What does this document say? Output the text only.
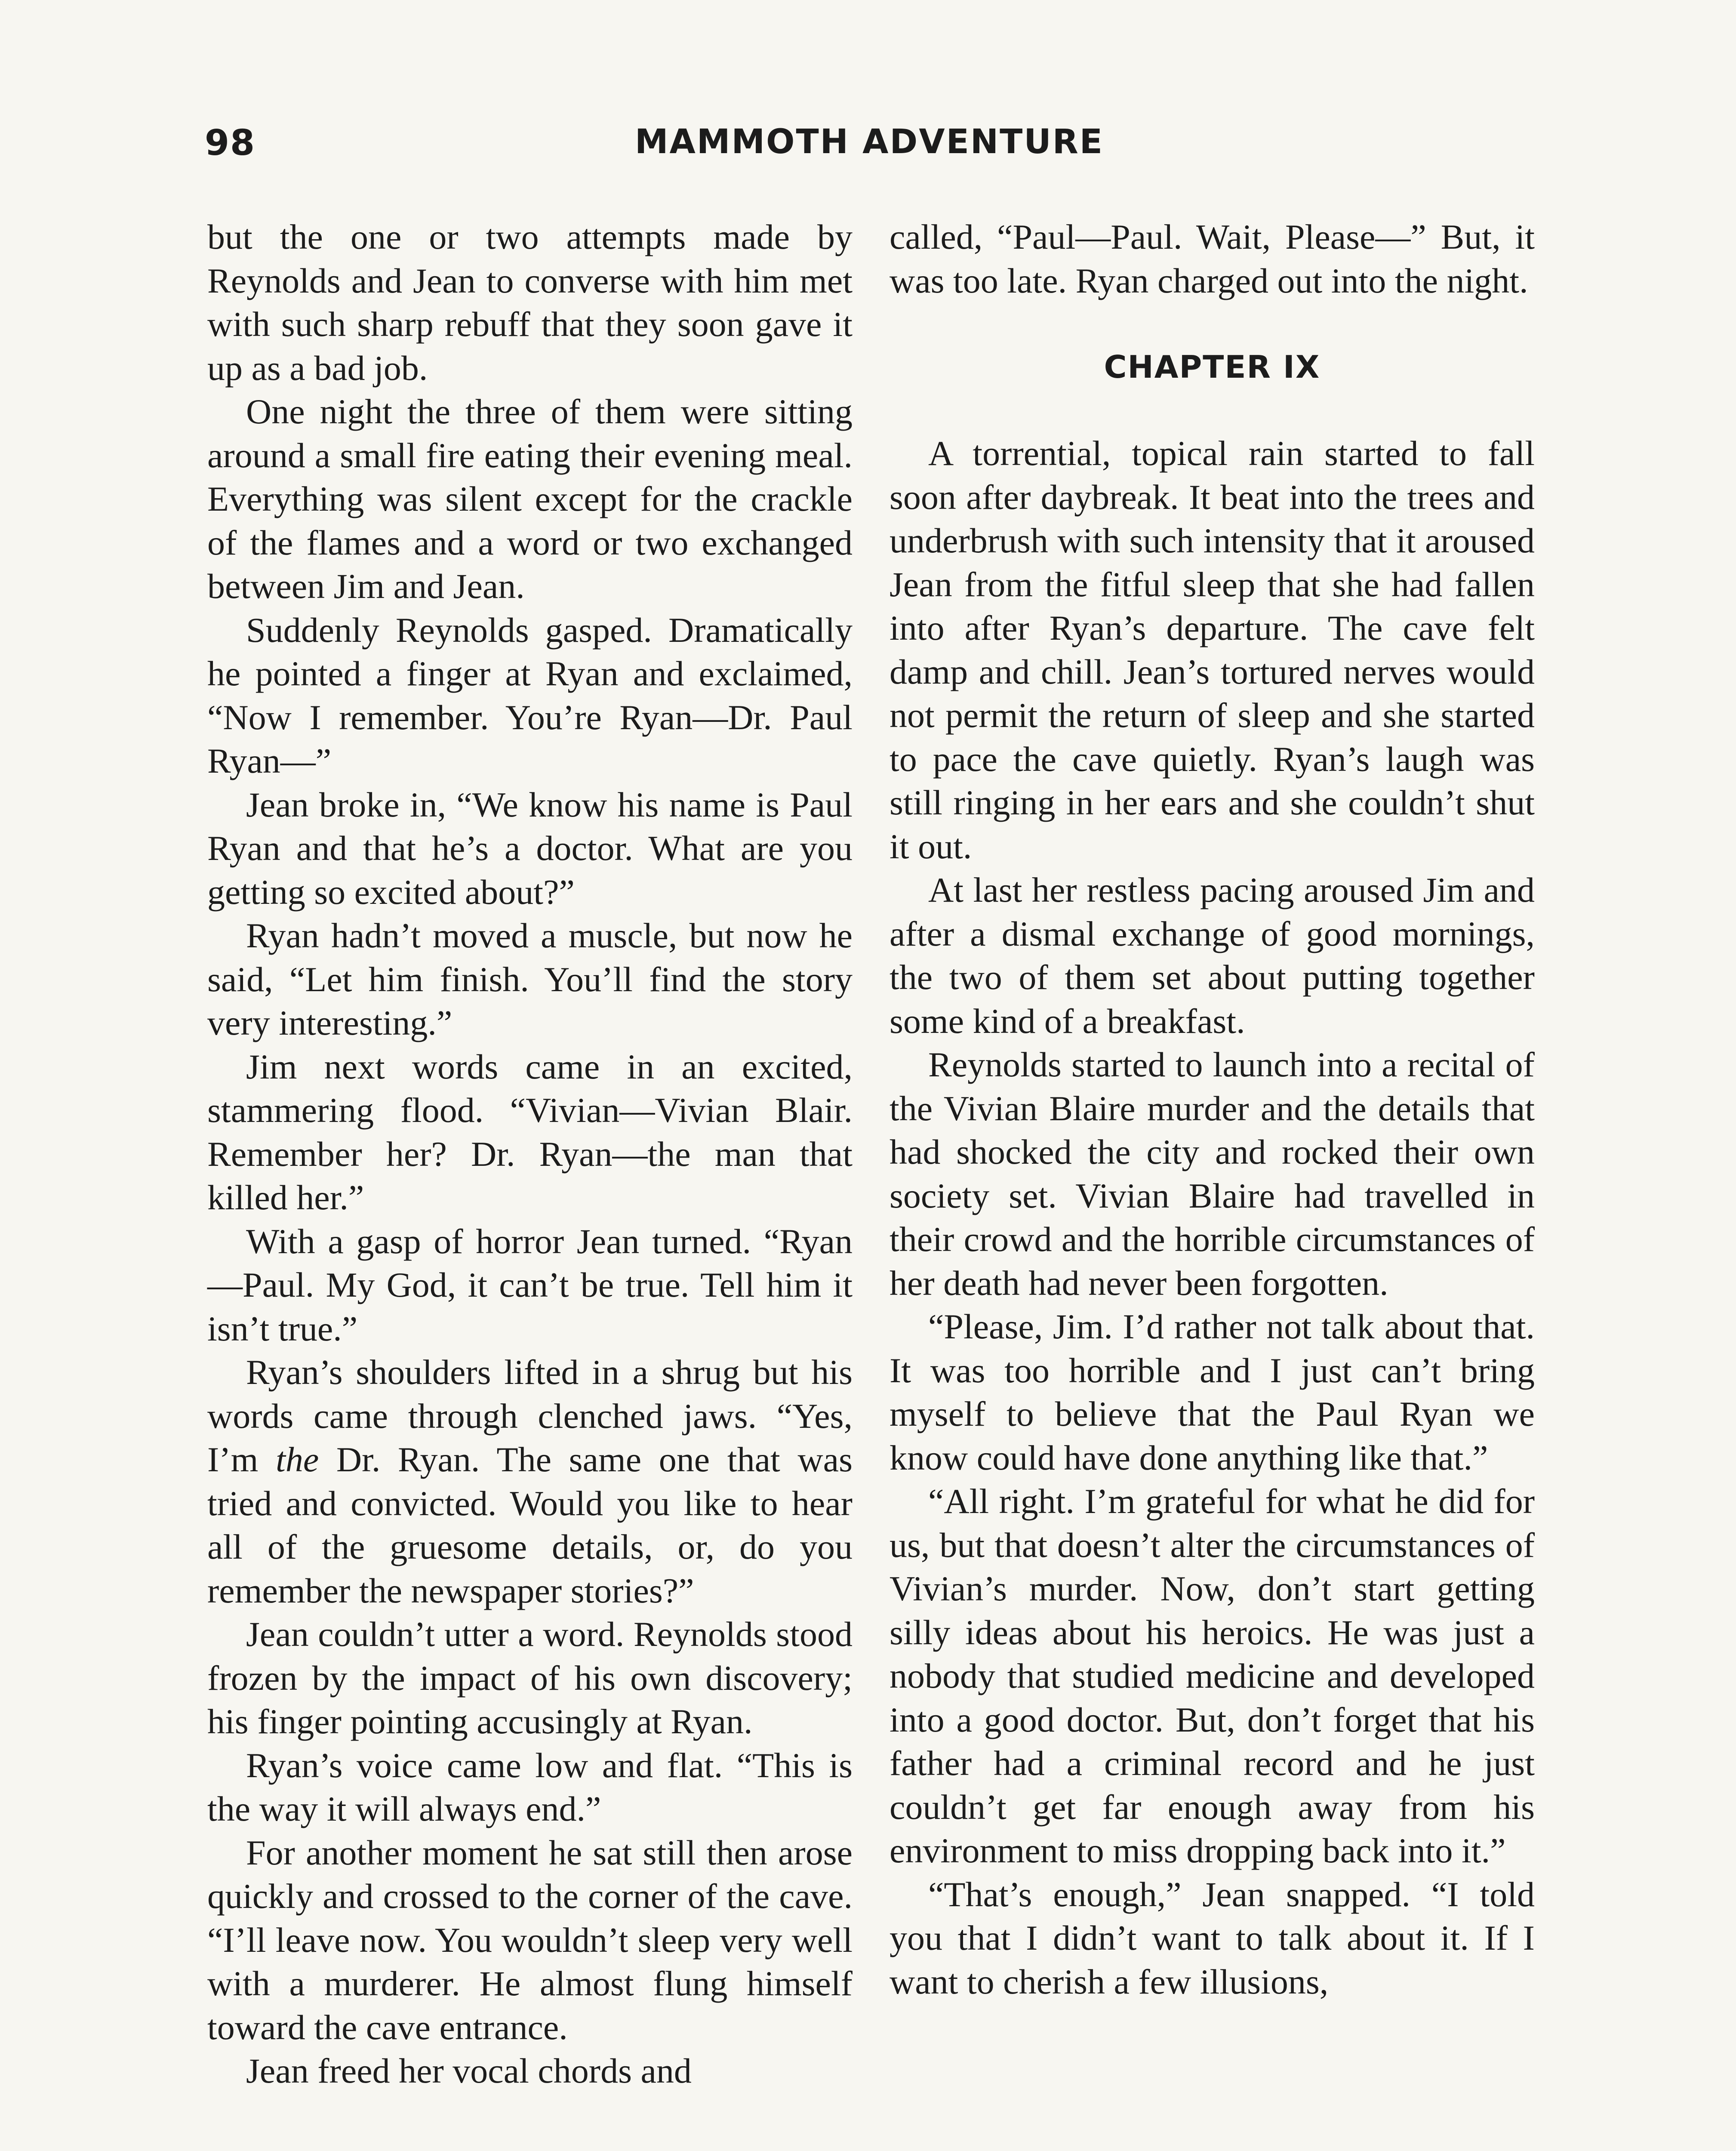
98	MAMMOTH ADVENTURE

but the one or two attempts made by Reynolds and Jean to converse with him met with such sharp rebuff that they soon gave it up as a bad job.

One night the three of them were sitting around a small fire eating their evening meal. Everything was silent except for the crackle of the flames and a word or two exchanged between Jim and Jean.

Suddenly Reynolds gasped. Dramatically he pointed a finger at Ryan and exclaimed, “Now I remember. You’re Ryan—Dr. Paul Ryan—”

Jean broke in, “We know his name is Paul Ryan and that he’s a doctor. What are you getting so excited about?”

Ryan hadn’t moved a muscle, but now he said, “Let him finish. You’ll find the story very interesting.”

Jim next words came in an excited, stammering flood. “Vivian—Vivian Blair. Remember her? Dr. Ryan—the man that killed her.”

With a gasp of horror Jean turned. “Ryan—Paul. My God, it can’t be true. Tell him it isn’t true.”

Ryan’s shoulders lifted in a shrug but his words came through clenched jaws. “Yes, I’m the Dr. Ryan. The same one that was tried and convicted. Would you like to hear all of the gruesome details, or, do you remember the newspaper stories?”

Jean couldn’t utter a word. Reynolds stood frozen by the impact of his own discovery; his finger pointing accusingly at Ryan.

Ryan’s voice came low and flat. “This is the way it will always end.”

For another moment he sat still then arose quickly and crossed to the corner of the cave. “I’ll leave now. You wouldn’t sleep very well with a murderer. He almost flung himself toward the cave entrance.

Jean freed her vocal chords and

called, “Paul—Paul. Wait, Please—” But, it was too late. Ryan charged out into the night.

CHAPTER IX

A torrential, topical rain started to fall soon after daybreak. It beat into the trees and underbrush with such intensity that it aroused Jean from the fitful sleep that she had fallen into after Ryan’s departure. The cave felt damp and chill. Jean’s tortured nerves would not permit the return of sleep and she started to pace the cave quietly. Ryan’s laugh was still ringing in her ears and she couldn’t shut it out.

At last her restless pacing aroused Jim and after a dismal exchange of good mornings, the two of them set about putting together some kind of a breakfast.

Reynolds started to launch into a recital of the Vivian Blaire murder and the details that had shocked the city and rocked their own society set. Vivian Blaire had travelled in their crowd and the horrible circumstances of her death had never been forgotten.

“Please, Jim. I’d rather not talk about that. It was too horrible and I just can’t bring myself to believe that the Paul Ryan we know could have done anything like that.”

“All right. I’m grateful for what he did for us, but that doesn’t alter the circumstances of Vivian’s murder. Now, don’t start getting silly ideas about his heroics. He was just a nobody that studied medicine and developed into a good doctor. But, don’t forget that his father had a criminal record and he just couldn’t get far enough away from his environment to miss dropping back into it.”

“That’s enough,” Jean snapped. “I told you that I didn’t want to talk about it. If I want to cherish a few illusions,
